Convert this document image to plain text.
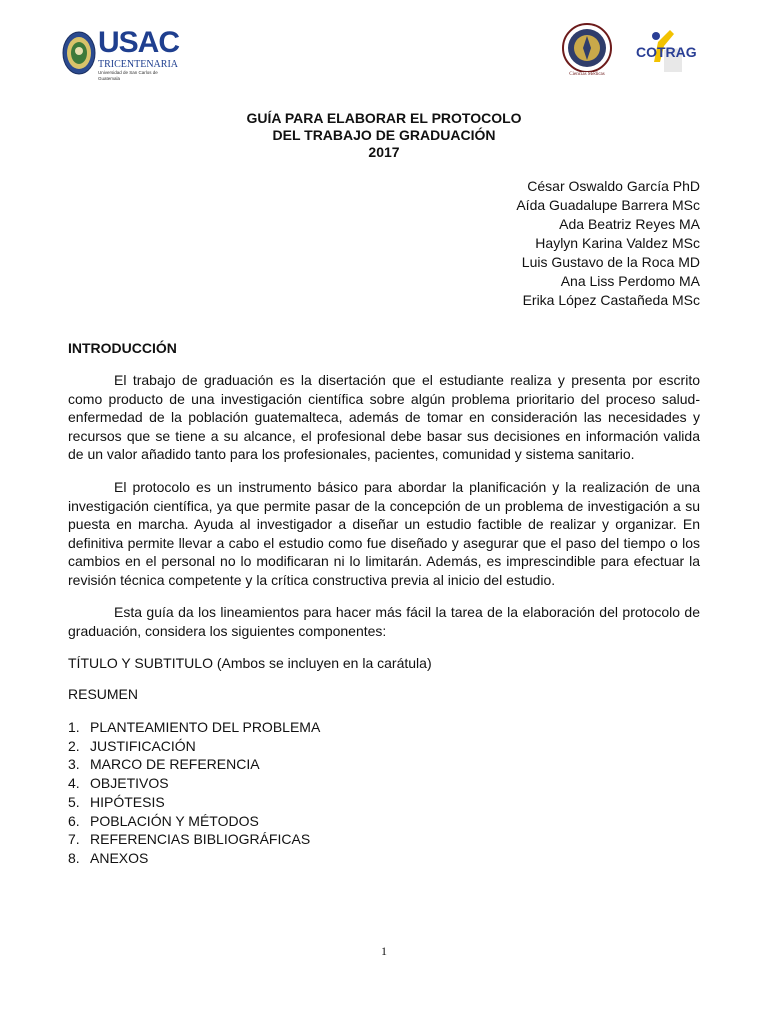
USAC
TRICENTENARIA
Universidad de San Carlos de Guatemala
Ciencias Médicas
COTRAG
GUÍA PARA ELABORAR EL PROTOCOLO
DEL TRABAJO DE GRADUACIÓN
2017
César Oswaldo García PhD
Aída Guadalupe Barrera MSc
Ada Beatriz Reyes MA
Haylyn Karina Valdez MSc
Luis Gustavo de la Roca MD
Ana Liss Perdomo MA
Erika López Castañeda MSc
INTRODUCCIÓN

El trabajo de graduación es la disertación que el estudiante realiza y presenta por escrito como producto de una investigación científica sobre algún problema prioritario del proceso salud-enfermedad de la población guatemalteca, además de tomar en consideración las necesidades y recursos que se tiene a su alcance, el profesional debe basar sus decisiones en información valida de un valor añadido tanto para los profesionales, pacientes, comunidad y sistema sanitario.

El protocolo es un instrumento básico para abordar la planificación y la realización de una investigación científica, ya que permite pasar de la concepción de un problema de investigación a su puesta en marcha. Ayuda al investigador a diseñar un estudio factible de realizar y organizar. En definitiva permite llevar a cabo el estudio como fue diseñado y asegurar que el paso del tiempo o los cambios en el personal no lo modificaran ni lo limitarán. Además, es imprescindible para efectuar la revisión técnica competente y la crítica constructiva previa al inicio del estudio.

Esta guía da los lineamientos para hacer más fácil la tarea de la elaboración del protocolo de graduación, considera los siguientes componentes:

TÍTULO Y SUBTITULO (Ambos se incluyen en la carátula)
RESUMEN
1. PLANTEAMIENTO DEL PROBLEMA
2. JUSTIFICACIÓN
3. MARCO DE REFERENCIA
4. OBJETIVOS
5. HIPÓTESIS
6. POBLACIÓN Y MÉTODOS
7. REFERENCIAS BIBLIOGRÁFICAS
8. ANEXOS
1
